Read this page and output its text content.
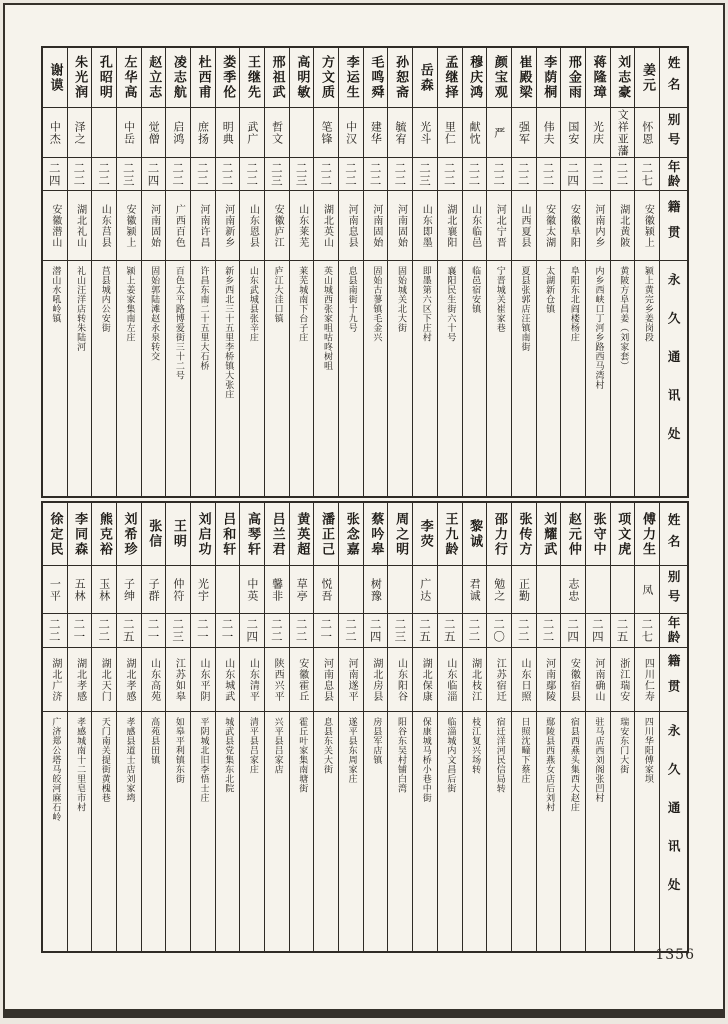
姓名
别号
年龄
籍贯
永久通讯处
姜元
怀恩
二七
安徽颍上
颍上黄完乡姜岗段
刘志豪
文祥亚藩
二二
湖北黄陂
黄陂方阜昌姜（刘家套）
蒋隆璋
光庆
二二
河南内乡
内乡西峡口丁河乡路西马湾村
邢金雨
国安
二四
安徽阜阳
阜阳东北阎楼杨庄
李荫桐
伟夫
二二
安徽太湖
太湖新仓镇
崔殿梁
强军
二二
山西夏县
夏县张郭店汪镇南街
颜宝观
严
二二
河北宁晋
宁晋城关崔家巷
穆庆鸿
献忱
二二
山东临邑
临邑宿安镇
孟继择
里仁
二二
湖北襄阳
襄阳民生街六十号
岳森
光斗
二三
山东即墨
即墨第六区下庄村
孙恕斋
毓宥
二二
河南固始
固始城关北大街
毛鸣舜
建华
二二
河南固始
固始古蓼镇毛金兴
李运生
中汉
二二
河南息县
息县南街十九号
方文质
笔锋
二二
湖北英山
英山城西张家咀咕咚树咀
高明敏
二三
山东莱芜
莱芜城南下台子庄
邢祖武
哲文
二三
安徽庐江
庐江大洼口镇
王继先
武广
二二
山东恩县
山东武城县张辛庄
娄季伦
明典
二二
河南新乡
新乡西北三十五里李桥镇大张庄
杜西甫
庶扬
二二
河南许昌
许昌东南二十五里大石桥
凌志航
启鸿
二二
广西百色
百色太平路博爱街三十二号
赵立志
觉僧
二四
河南固始
固始郭陆滩赵永泉转交
左华高
中岳
二三
安徽颍上
颍上姜家集南左庄
孔昭明
二二
山东莒县
莒县城内公安街
朱光润
泽之
二二
湖北礼山
礼山汪洋店转朱陆河
谢谟
中杰
二四
安徽潜山
潜山水吼岭镇
姓名
别号
年龄
籍贯
永久通讯处
傅力生
凤
二七
四川仁寿
四川华阳傅家坝
项文虎
二五
浙江瑞安
瑞安东门大街
张守中
二四
河南确山
驻马店西刘阁张凹村
赵元仲
志忠
二四
安徽宿县
宿县西燕头集西大赵庄
刘耀武
二二
河南鄢陵
鄢陵县西燕女店后刘村
张传方
正勤
二二
山东日照
日照沈疃下蔡庄
邵力行
勉之
二〇
江苏宿迁
宿迁洋河民信局转
黎诚
君诚
二二
湖北枝江
枝江复兴场转
王九龄
二五
山东临淄
临淄城内文昌后街
李荧
广达
二五
湖北保康
保康城马桥小巷中街
周之明
二三
山东阳谷
阳谷东吴村铺白湾
蔡吟皋
树豫
二四
湖北房县
房县军店镇
张念嘉
二二
河南遂平
遂平县东周家庄
潘正己
悦吾
二一
河南息县
息县东关大街
黄英超
草亭
二二
安徽霍丘
霍丘叶家集南塘街
吕兰君
馨非
二二
陕西兴平
兴平县吕家店
高琴轩
中英
二四
山东清平
清平县吕家庄
吕和轩
二一
山东城武
城武县党集东北院
刘启功
光宇
二一
山东平阴
平阴城北旧李悟士庄
王明
仲符
二三
江苏如皋
如皋平利镇东街
张信
子群
二一
山东高苑
高苑县田镇
刘希珍
子绅
二五
湖北孝感
孝感县道士店刘家塆
熊克裕
玉林
二二
湖北天门
天门南关提街黄槐巷
李同森
五林
二一
湖北孝感
孝感城南十二里皂市村
徐定民
一平
二二
湖北广济
广济郑公塔马皎河麻石岭
1356
